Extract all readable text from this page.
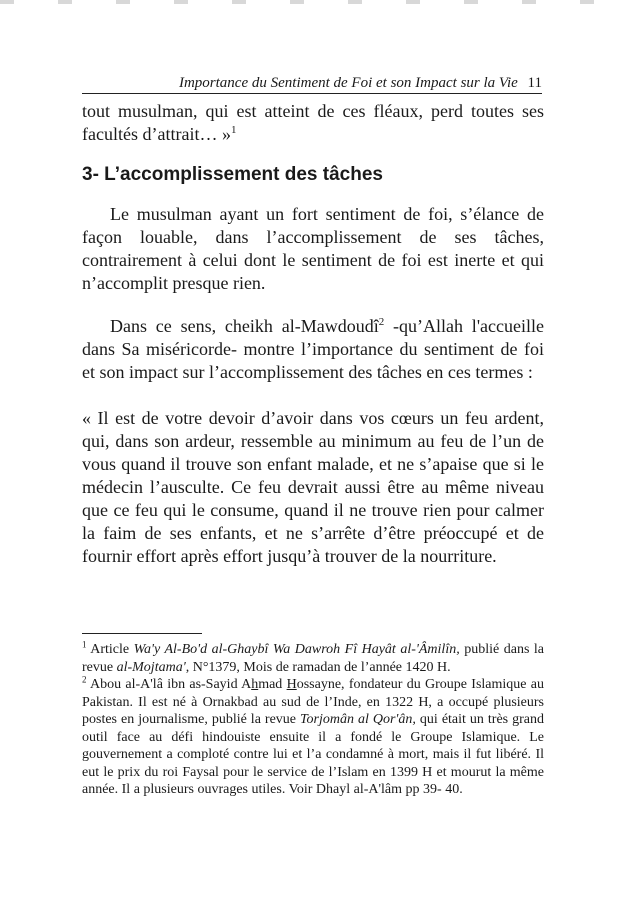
Importance du Sentiment de Foi et son Impact sur la Vie 11
tout musulman, qui est atteint de ces fléaux, perd toutes ses facultés d’attrait… »$^1$
3- L’accomplissement des tâches
Le musulman ayant un fort sentiment de foi, s’élance de façon louable, dans l’accomplissement de ses tâches, contrairement à celui dont le sentiment de foi est inerte et qui n’accomplit presque rien.
Dans ce sens, cheikh al-Mawdoudî$^2$ -qu’Allah l'accueille dans Sa miséricorde- montre l’importance du sentiment de foi et son impact sur l’accomplissement des tâches en ces termes :
« Il est de votre devoir d’avoir dans vos cœurs un feu ardent, qui, dans son ardeur, ressemble au minimum au feu de l’un de vous quand il trouve son enfant malade, et ne s’apaise que si le médecin l’ausculte. Ce feu devrait aussi être au même niveau que ce feu qui le consume, quand il ne trouve rien pour calmer la faim de ses enfants, et ne s’arrête d’être préoccupé et de fournir effort après effort jusqu’à trouver de la nourriture.

$^1$ Article Wa'y Al-Bo'd al-Ghaybî Wa Dawroh Fî Hayât al-'Âmilîn, publié dans la revue al-Mojtama', N°1379, Mois de ramadan de l’année 1420 H.

$^2$ Abou al-A'lâ ibn as-Sayid Ahmad Hossayne, fondateur du Groupe Islamique au Pakistan. Il est né à Ornakbad au sud de l’Inde, en 1322 H, a occupé plusieurs postes en journalisme, publié la revue Torjomân al Qor'ân, qui était un très grand outil face au défi hindouiste ensuite il a fondé le Groupe Islamique. Le gouvernement a comploté contre lui et l’a condamné à mort, mais il fut libéré. Il eut le prix du roi Faysal pour le service de l’Islam en 1399 H et mourut la même année. Il a plusieurs ouvrages utiles. Voir Dhayl al-A'lâm pp 39- 40.
